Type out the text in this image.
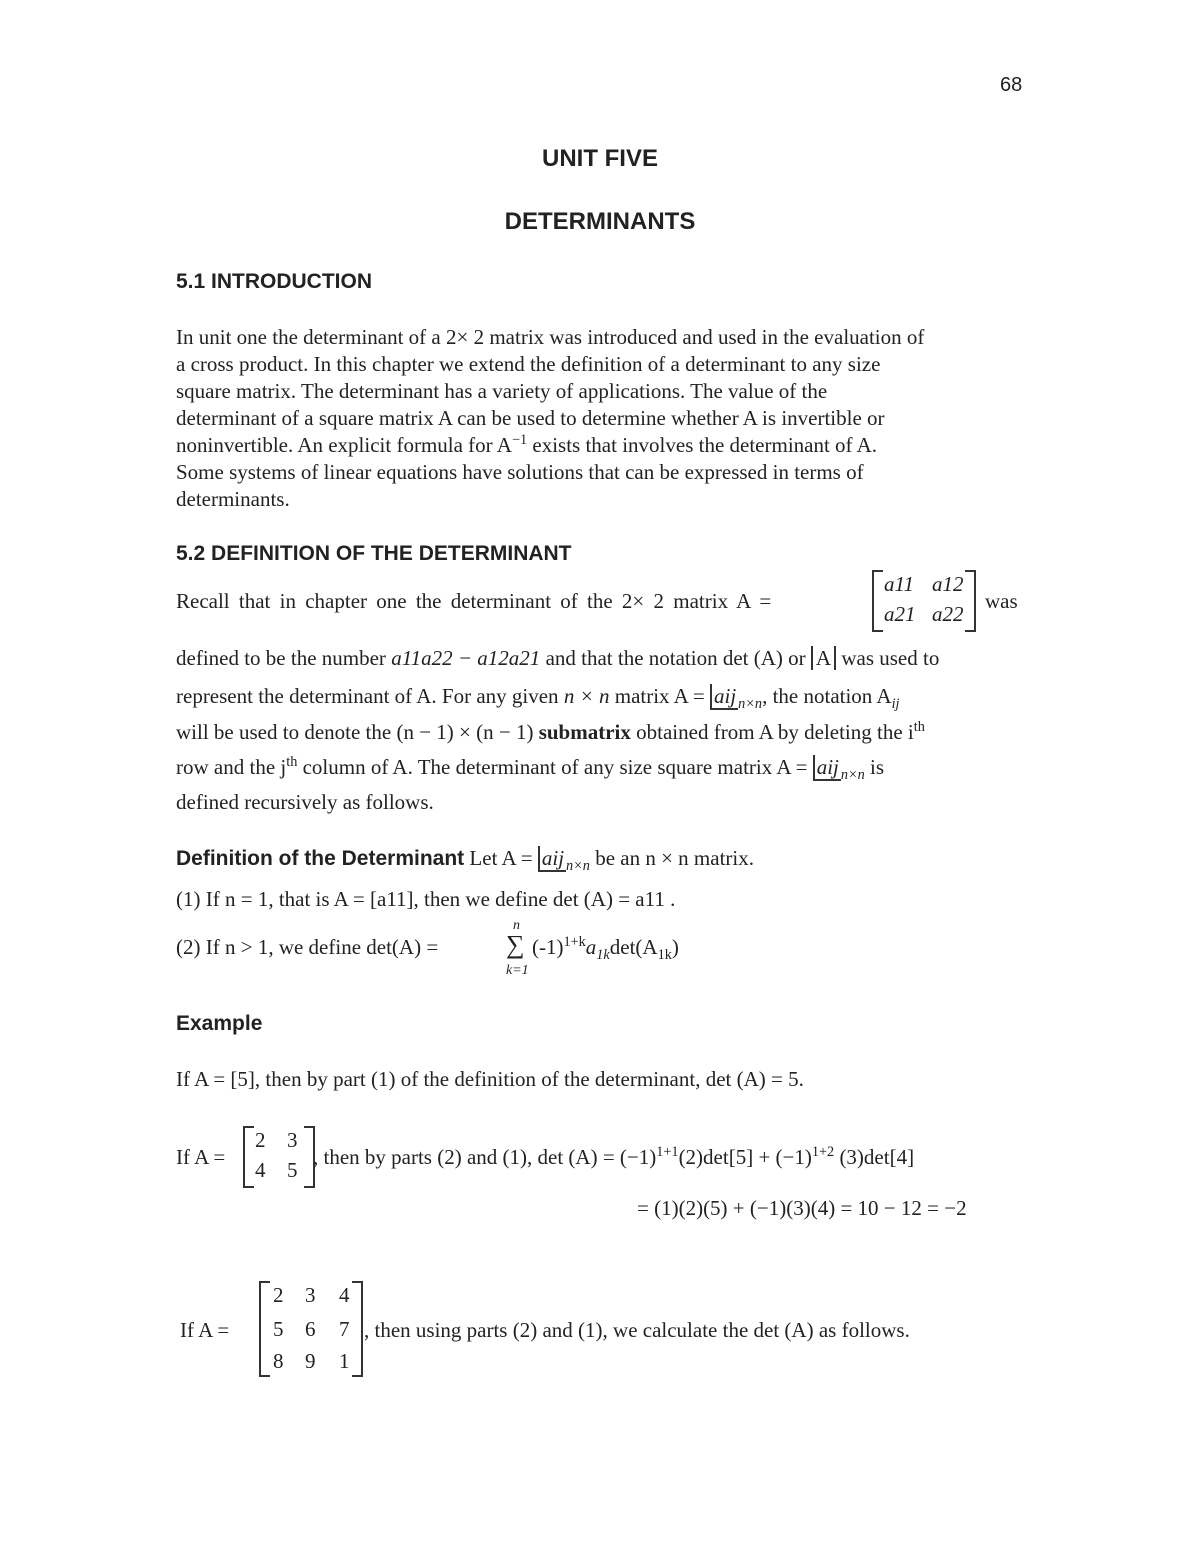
68
UNIT FIVE
DETERMINANTS
5.1 INTRODUCTION

In unit one the determinant of a 2× 2 matrix was introduced and used in the evaluation of

a cross product. In this chapter we extend the definition of a determinant to any size

square matrix. The determinant has a variety of applications. The value of the

determinant of a square matrix A can be used to determine whether A is invertible or

noninvertible. An explicit formula for $A^{-1}$ exists that involves the determinant of A.

Some systems of linear equations have solutions that can be expressed in terms of

determinants.

5.2 DEFINITION OF THE DETERMINANT
Recall that in chapter one the determinant of the 2× 2 matrix A =
a11 a12
a21 a22
was
defined to be the number a11a22 − a12a21 and that the notation det (A) or A was used to
represent the determinant of A. For any given n × n matrix A = aij $_{n\times n}$, the notation $A_{ij}$
will be used to denote the (n − 1) × (n − 1) submatrix obtained from A by deleting the $i^{th}$
row and the $j^{th}$ column of A. The determinant of any size square matrix A = aij $_{n\times n}$ is
defined recursively as follows.
Definition of the Determinant Let A = aij $_{n\times n}$ be an n × n matrix.
(1) If n = 1, that is A = [a11], then we define det (A) = a11 .
(2) If n > 1, we define det(A) =
n
∑
k=1
$(-1)^{1+k}a_{1k}\det(A_{1k})$
Example
If A = [5], then by part (1) of the definition of the determinant, det (A) = 5.
If A =
2 3
4 5
, then by parts (2) and (1), $\det (A) = (-1)^{1+1}(2)\det[5] + (-1)^{1+2}$ (3)det[4]
= (1)(2)(5) + (−1)(3)(4) = 10 − 12 = −2
If A =
2 3 4
5 6 7
8 9 1
, then using parts (2) and (1), we calculate the det (A) as follows.
